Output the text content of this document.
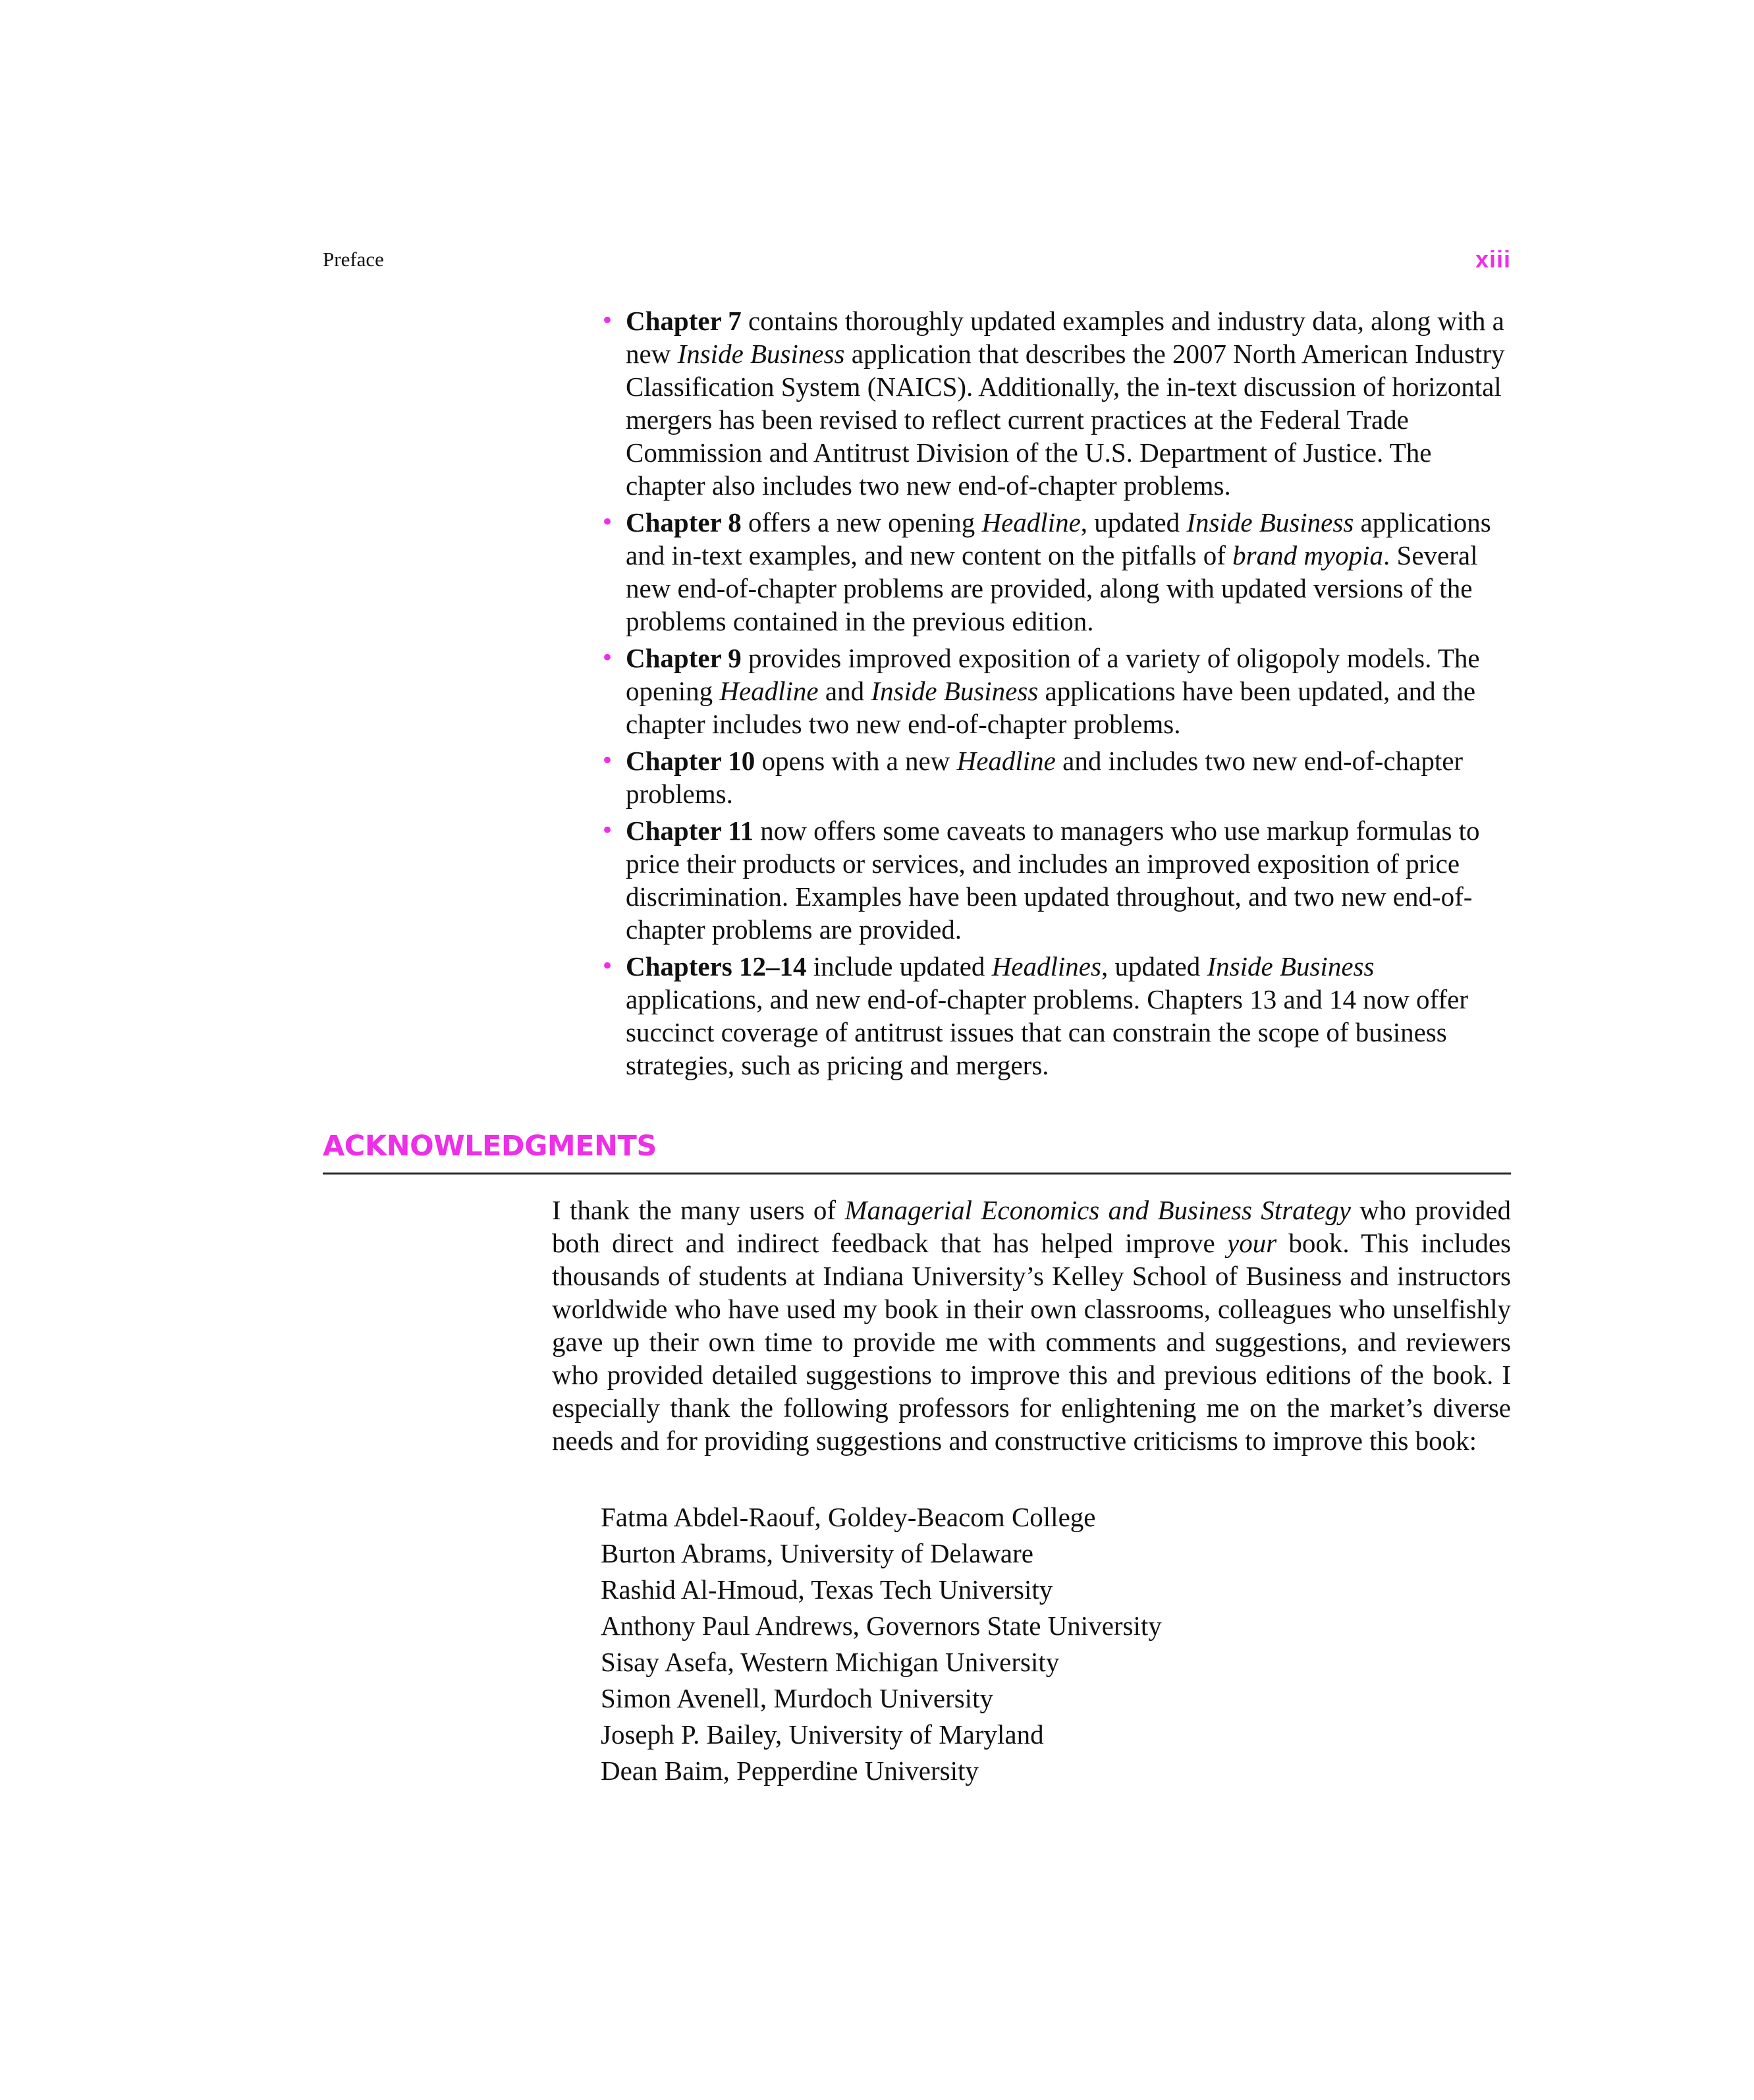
Preface	xiii
• Chapter 7 contains thoroughly updated examples and industry data, along with a new Inside Business application that describes the 2007 North American Industry Classification System (NAICS). Additionally, the in-text discussion of horizontal mergers has been revised to reflect current practices at the Federal Trade Commission and Antitrust Division of the U.S. Department of Justice. The chapter also includes two new end-of-chapter problems.
• Chapter 8 offers a new opening Headline, updated Inside Business applications and in-text examples, and new content on the pitfalls of brand myopia. Several new end-of-chapter problems are provided, along with updated versions of the problems contained in the previous edition.
• Chapter 9 provides improved exposition of a variety of oligopoly models. The opening Headline and Inside Business applications have been updated, and the chapter includes two new end-of-chapter problems.
• Chapter 10 opens with a new Headline and includes two new end-of-chapter problems.
• Chapter 11 now offers some caveats to managers who use markup formulas to price their products or services, and includes an improved exposition of price discrimination. Examples have been updated throughout, and two new end-of-chapter problems are provided.
• Chapters 12–14 include updated Headlines, updated Inside Business applications, and new end-of-chapter problems. Chapters 13 and 14 now offer succinct coverage of antitrust issues that can constrain the scope of business strategies, such as pricing and mergers.
ACKNOWLEDGMENTS

I thank the many users of Managerial Economics and Business Strategy who provided both direct and indirect feedback that has helped improve your book. This includes thousands of students at Indiana University’s Kelley School of Business and instructors worldwide who have used my book in their own classrooms, colleagues who unselfishly gave up their own time to provide me with comments and suggestions, and reviewers who provided detailed suggestions to improve this and previous editions of the book. I especially thank the following professors for enlightening me on the market’s diverse needs and for providing suggestions and constructive criticisms to improve this book:

Fatma Abdel-Raouf, Goldey-Beacom College
Burton Abrams, University of Delaware
Rashid Al-Hmoud, Texas Tech University
Anthony Paul Andrews, Governors State University
Sisay Asefa, Western Michigan University
Simon Avenell, Murdoch University
Joseph P. Bailey, University of Maryland
Dean Baim, Pepperdine University
